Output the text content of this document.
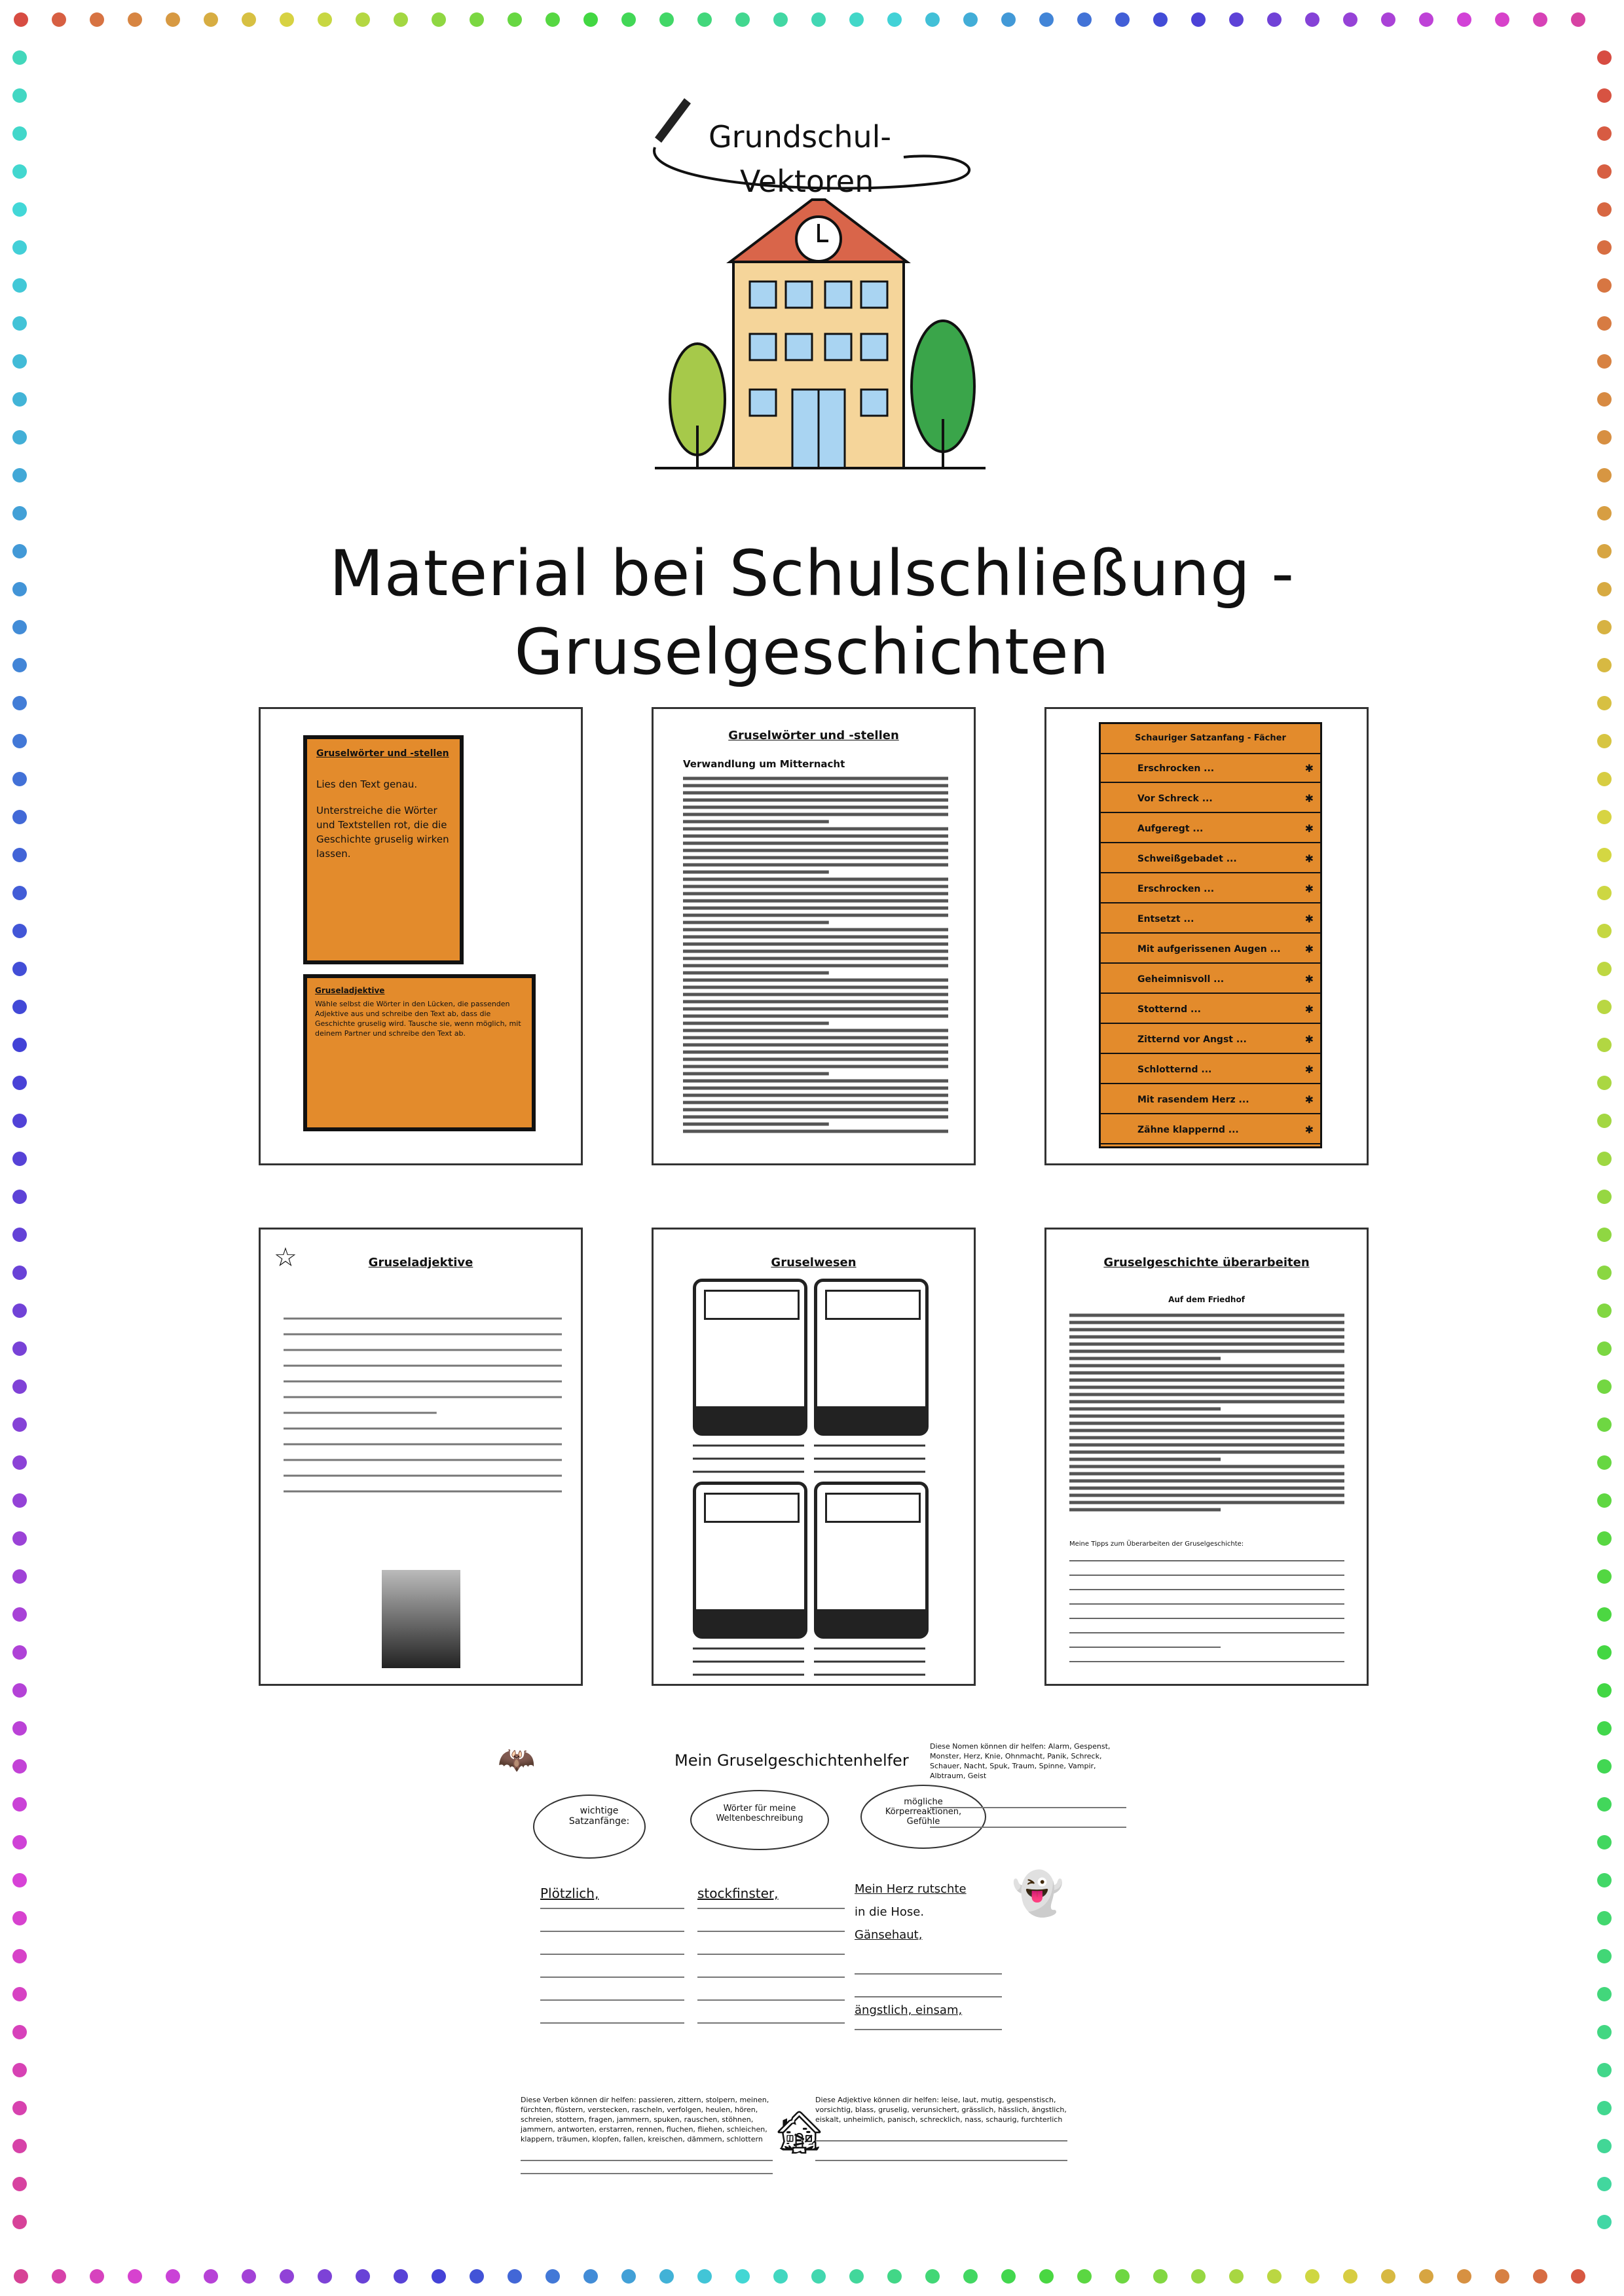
Grundschul-
Vektoren
Material bei Schulschließung -
Gruselgeschichten
Gruselwörter und -stellen
Lies den Text genau.
Unterstreiche die Wörter und Textstellen rot, die die Geschichte gruselig wirken lassen.
Gruseladjektive
Wähle selbst die Wörter in den Lücken, die passenden Adjektive aus und schreibe den Text ab, dass die Geschichte gruselig wird. Tausche sie, wenn möglich, mit deinem Partner und schreibe den Text ab.
Gruselwörter und -stellen
Verwandlung um Mitternacht
Schauriger Satzanfang - Fächer
Erschrocken ...	✱
Vor Schreck ...	✱
Aufgeregt ...	✱
Schweißgebadet ...	✱
Erschrocken ...	✱
Entsetzt ...	✱
Mit aufgerissenen Augen ... ✱
Geheimnisvoll ...	✱
Stotternd ...	✱
Zitternd vor Angst ...	✱
Schlotternd ...	✱
Mit rasendem Herz ...	✱
Zähne klappernd ...	✱
Gruseladjektive
☆	Gruselwesen	Gruselgeschichte überarbeiten
Auf dem Friedhof
Meine Tipps zum Überarbeiten der Gruselgeschichte:
Mein Gruselgeschichtenhelfer
🦇
wichtige Satzanfänge:
Wörter für meine Weltenbeschreibung
mögliche Körperreaktionen, Gefühle
Diese Nomen können dir helfen: Alarm, Gespenst, Monster, Herz, Knie, Ohnmacht, Panik, Schreck, Schauer, Nacht, Spuk, Traum, Spinne, Vampir, Albtraum, Geist
Plötzlich,	stockfinster,	Mein Herz rutschte
in die Hose.
Gänsehaut,
ängstlich, einsam,
👻
Diese Verben können dir helfen: passieren, zittern, stolpern, meinen, fürchten, flüstern, verstecken, rascheln, verfolgen, heulen, hören, schreien, stottern, fragen, jammern, spuken, rauschen, stöhnen, jammern, antworten, erstarren, rennen, fluchen, fliehen, schleichen, klappern, träumen, klopfen, fallen, kreischen, dämmern, schlottern
Diese Adjektive können dir helfen: leise, laut, mutig, gespenstisch, vorsichtig, blass, gruselig, verunsichert, grässlich, hässlich, ängstlich, eiskalt, unheimlich, panisch, schrecklich, nass, schaurig, furchterlich
🏚
